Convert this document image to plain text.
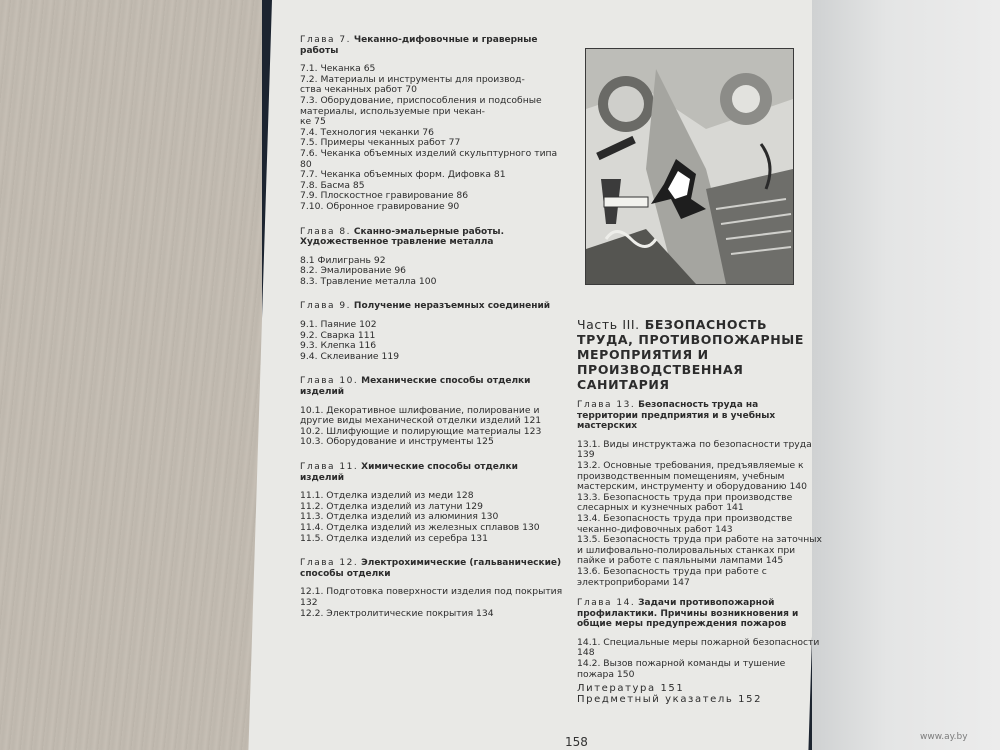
Глава 7. Чеканно-дифовочные и граверные работы
7.1. Чеканка 65
7.2. Материалы и инструменты для производ-
ства чеканных работ 70
7.3. Оборудование, приспособления и подсобные материалы, используемые при чекан-
ке 75
7.4. Технология чеканки 76
7.5. Примеры чеканных работ 77
7.6. Чеканка объемных изделий скульптурного типа 80
7.7. Чеканка объемных форм. Дифовка 81
7.8. Басма 85
7.9. Плоскостное гравирование 86
7.10. Обронное гравирование 90
Глава 8. Сканно-эмальерные работы. Художественное травление металла
8.1 Филигрань 92
8.2. Эмалирование 96
8.3. Травление металла 100
Глава 9. Получение неразъемных соединений
9.1. Паяние 102
9.2. Сварка 111
9.3. Клепка 116
9.4. Склеивание 119
Глава 10. Механические способы отделки изделий
10.1. Декоративное шлифование, полирование и другие виды механической отделки изделий 121
10.2. Шлифующие и полирующие материалы 123
10.3. Оборудование и инструменты 125
Глава 11. Химические способы отделки изделий
11.1. Отделка изделий из меди 128
11.2. Отделка изделий из латуни 129
11.3. Отделка изделий из алюминия 130
11.4. Отделка изделий из железных сплавов 130
11.5. Отделка изделий из серебра 131
Глава 12. Электрохимические (гальванические) способы отделки
12.1. Подготовка поверхности изделия под покрытия 132
12.2. Электролитические покрытия 134
Часть III. БЕЗОПАСНОСТЬ ТРУДА, ПРОТИВОПОЖАРНЫЕ МЕРОПРИЯТИЯ И ПРОИЗВОДСТВЕННАЯ САНИТАРИЯ
Глава 13. Безопасность труда на территории предприятия и в учебных мастерских
13.1. Виды инструктажа по безопасности труда 139
13.2. Основные требования, предъявляемые к производственным помещениям, учебным мастерским, инструменту и оборудованию 140
13.3. Безопасность труда при производстве слесарных и кузнечных работ 141
13.4. Безопасность труда при производстве чеканно-дифовочных работ 143
13.5. Безопасность труда при работе на заточных и шлифовально-полировальных станках при пайке и работе с паяльными лампами 145
13.6. Безопасность труда при работе с электроприборами 147
Глава 14. Задачи противопожарной профилактики. Причины возникновения и общие меры предупреждения пожаров
14.1. Специальные меры пожарной безопасности 148
14.2. Вызов пожарной команды и тушение пожара 150
Литература 151
Предметный указатель 152
158	www.ay.by
